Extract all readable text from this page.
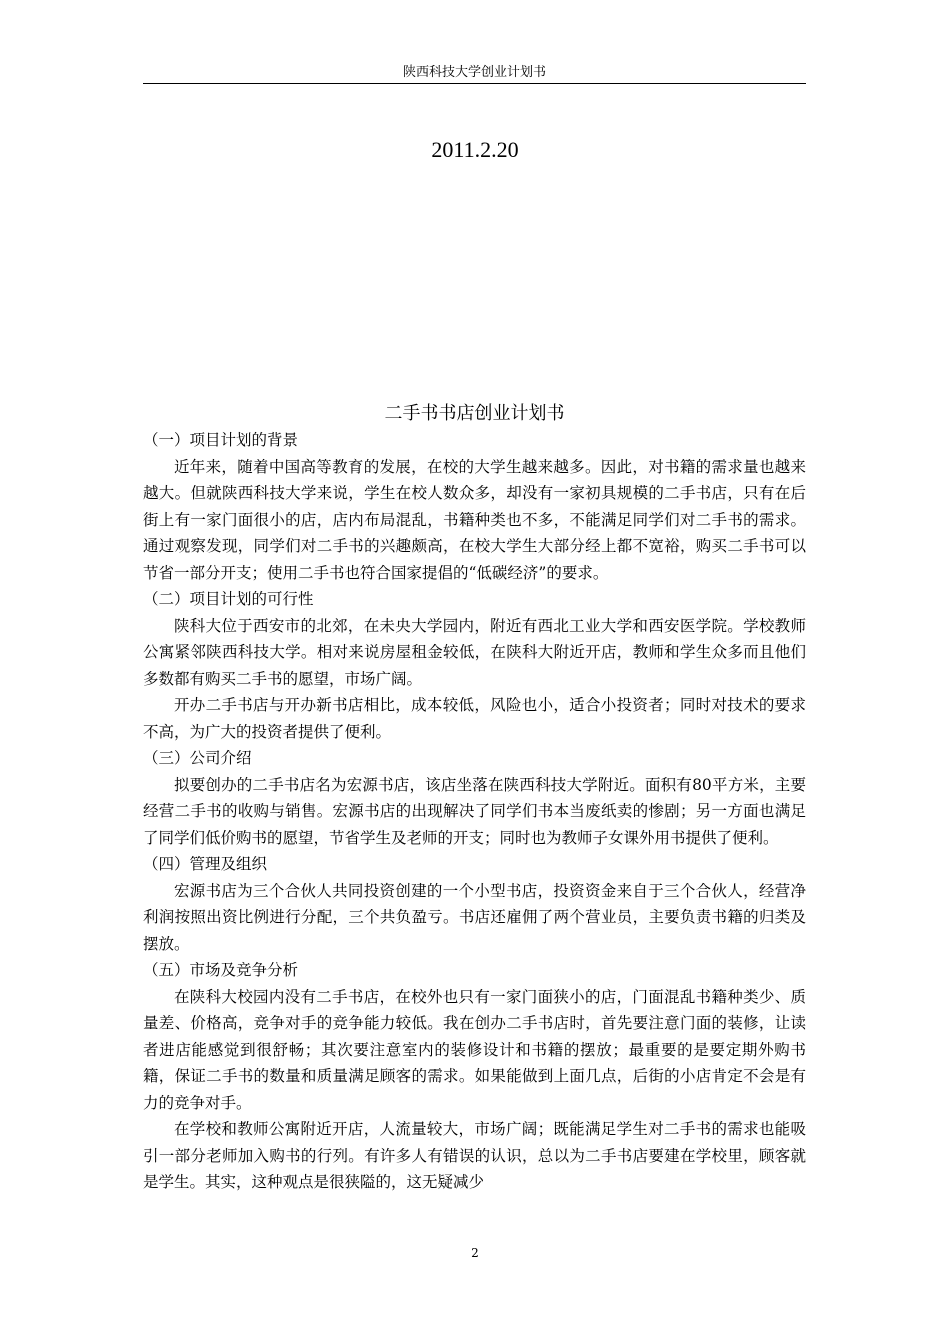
陕西科技大学创业计划书
2011.2.20

二手书书店创业计划书

（一）项目计划的背景

近年来，随着中国高等教育的发展，在校的大学生越来越多。因此，对书籍的需求量也越来越大。但就陕西科技大学来说，学生在校人数众多，却没有一家初具规模的二手书店，只有在后街上有一家门面很小的店，店内布局混乱，书籍种类也不多，不能满足同学们对二手书的需求。通过观察发现，同学们对二手书的兴趣颇高，在校大学生大部分经上都不宽裕，购买二手书可以节省一部分开支；使用二手书也符合国家提倡的“低碳经济”的要求。

（二）项目计划的可行性

陕科大位于西安市的北郊，在未央大学园内，附近有西北工业大学和西安医学院。学校教师公寓紧邻陕西科技大学。相对来说房屋租金较低，在陕科大附近开店，教师和学生众多而且他们多数都有购买二手书的愿望，市场广阔。

开办二手书店与开办新书店相比，成本较低，风险也小，适合小投资者；同时对技术的要求不高，为广大的投资者提供了便利。

（三）公司介绍

拟要创办的二手书店名为宏源书店，该店坐落在陕西科技大学附近。面积有80平方米，主要经营二手书的收购与销售。宏源书店的出现解决了同学们书本当废纸卖的惨剧；另一方面也满足了同学们低价购书的愿望，节省学生及老师的开支；同时也为教师子女课外用书提供了便利。

（四）管理及组织

宏源书店为三个合伙人共同投资创建的一个小型书店，投资资金来自于三个合伙人，经营净利润按照出资比例进行分配，三个共负盈亏。书店还雇佣了两个营业员，主要负责书籍的归类及摆放。

（五）市场及竞争分析

在陕科大校园内没有二手书店，在校外也只有一家门面狭小的店，门面混乱书籍种类少、质量差、价格高，竞争对手的竞争能力较低。我在创办二手书店时，首先要注意门面的装修，让读者进店能感觉到很舒畅；其次要注意室内的装修设计和书籍的摆放；最重要的是要定期外购书籍，保证二手书的数量和质量满足顾客的需求。如果能做到上面几点，后街的小店肯定不会是有力的竞争对手。

在学校和教师公寓附近开店，人流量较大，市场广阔；既能满足学生对二手书的需求也能吸引一部分老师加入购书的行列。有许多人有错误的认识，总以为二手书店要建在学校里，顾客就是学生。其实，这种观点是很狭隘的，这无疑减少

2
